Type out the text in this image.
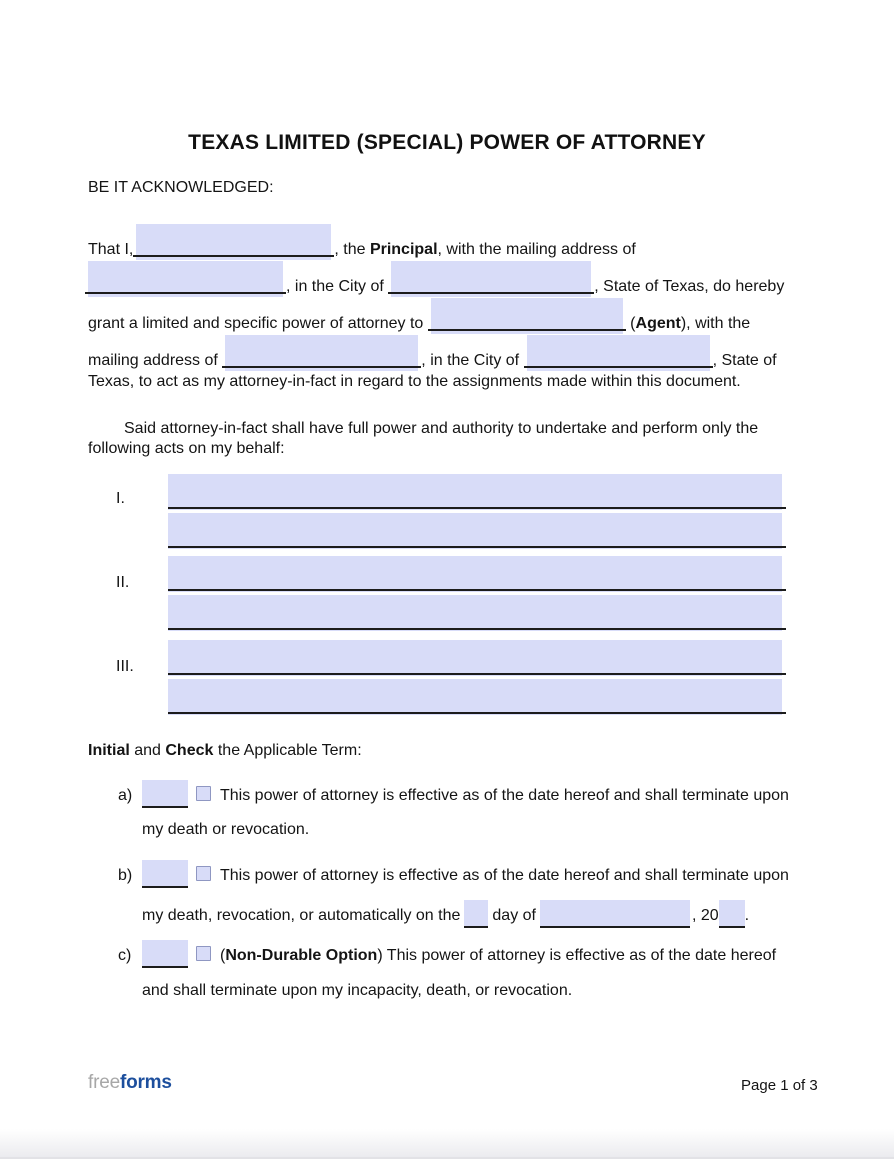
TEXAS LIMITED (SPECIAL) POWER OF ATTORNEY
BE IT ACKNOWLEDGED:
That I,	, the Principal, with the mailing address of
, in the City of	, State of Texas, do hereby
grant a limited and specific power of attorney to	(Agent), with the
mailing address of	, in the City of	, State of
Texas, to act as my attorney-in-fact in regard to the assignments made within this document.
Said attorney-in-fact shall have full power and authority to undertake and perform only the
following acts on my behalf:
I.
II.
III.
Initial and Check the Applicable Term:
a)	This power of attorney is effective as of the date hereof and shall terminate upon
my death or revocation.
b)	This power of attorney is effective as of the date hereof and shall terminate upon
my death, revocation, or automatically on the day of	, 20 .
c)	(Non-Durable Option) This power of attorney is effective as of the date hereof
and shall terminate upon my incapacity, death, or revocation.
freeforms	Page 1 of 3
